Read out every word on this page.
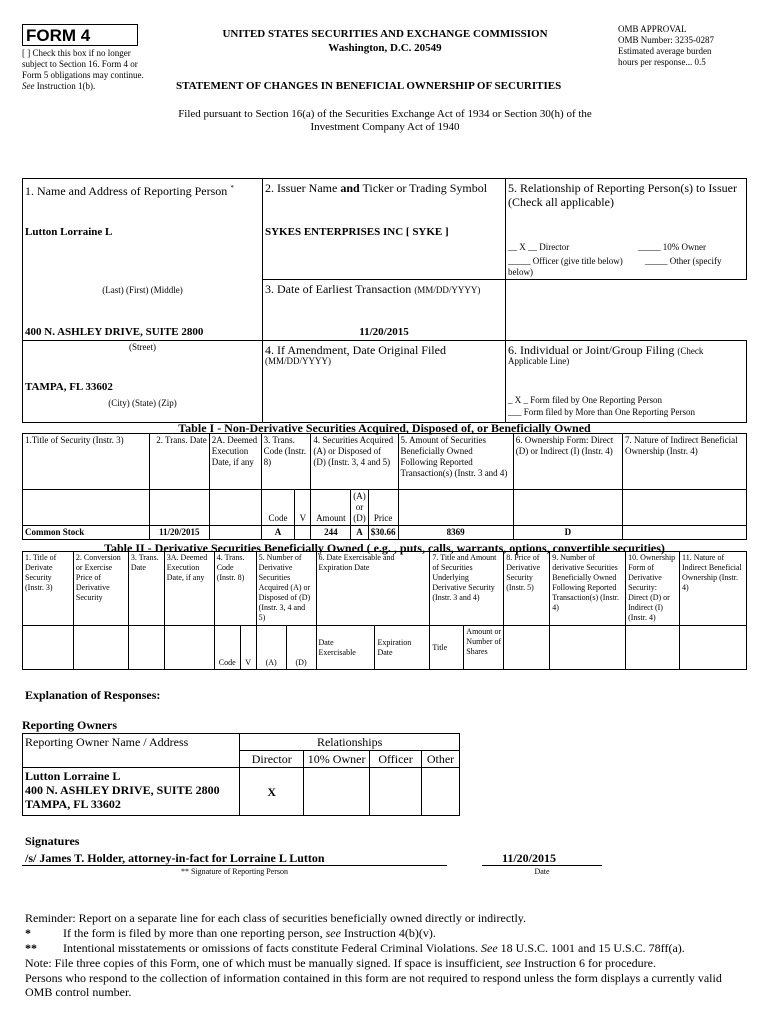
FORM 4
[ ] Check this box if no longer subject to Section 16. Form 4 or Form 5 obligations may continue. See Instruction 1(b).
UNITED STATES SECURITIES AND EXCHANGE COMMISSION
Washington, D.C. 20549
OMB APPROVAL
OMB Number: 3235-0287
Estimated average burden
hours per response... 0.5
STATEMENT OF CHANGES IN BENEFICIAL OWNERSHIP OF SECURITIES
Filed pursuant to Section 16(a) of the Securities Exchange Act of 1934 or Section 30(h) of the
Investment Company Act of 1940
1. Name and Address of Reporting Person *
Lutton Lorraine L
(Last) (First) (Middle)
400 N. ASHLEY DRIVE, SUITE 2800
(Street)
TAMPA, FL 33602
(City) (State) (Zip)
2. Issuer Name and Ticker or Trading Symbol
SYKES ENTERPRISES INC [ SYKE ]
3. Date of Earliest Transaction (MM/DD/YYYY)
11/20/2015
4. If Amendment, Date Original Filed
(MM/DD/YYYY)
5. Relationship of Reporting Person(s) to Issuer
(Check all applicable)
__ X __ Director	_____ 10% Owner
_____ Officer (give title below) _____ Other (specify
below)
6. Individual or Joint/Group Filing (Check
Applicable Line)
_ X _ Form filed by One Reporting Person
___ Form filed by More than One Reporting Person
Table I - Non-Derivative Securities Acquired, Disposed of, or Beneficially Owned
1.Title of Security (Instr. 3)	2. Trans. Date	2A. Deemed Execution Date, if any	3. Trans. Code (Instr. 8)		4. Securities Acquired (A) or Disposed of (D) (Instr. 3, 4 and 5)			5. Amount of Securities Beneficially Owned Following Reported Transaction(s) (Instr. 3 and 4)	6. Ownership Form: Direct (D) or Indirect (I) (Instr. 4)	7. Nature of Indirect Beneficial Ownership (Instr. 4)
			Code	V	Amount	(A) or (D)	Price			
Common Stock	11/20/2015		A		244	A	$30.66	8369	D	
Table II - Derivative Securities Beneficially Owned ( e.g. , puts, calls, warrants, options, convertible securities)
1. Title of Derivate Security (Instr. 3)	2. Conversion or Exercise Price of Derivative Security	3. Trans. Date	3A. Deemed Execution Date, if any	4. Trans. Code (Instr. 8)		5. Number of Derivative Securities Acquired (A) or Disposed of (D) (Instr. 3, 4 and 5)		6. Date Exercisable and Expiration Date		7. Title and Amount of Securities Underlying Derivative Security (Instr. 3 and 4)		8. Price of Derivative Security (Instr. 5)	9. Number of derivative Securities Beneficially Owned Following Reported Transaction(s) (Instr. 4)	10. Ownership Form of Derivative Security: Direct (D) or Indirect (I) (Instr. 4)	11. Nature of Indirect Beneficial Ownership (Instr. 4)
				Code	V	(A)	(D)	Date Exercisable	Expiration Date	Title	Amount or Number of Shares				
Explanation of Responses:
Reporting Owners
Reporting Owner Name / Address	Relationships			
	Director	10% Owner	Officer	Other

Lutton Lorraine L
400 N. ASHLEY DRIVE, SUITE 2800
TAMPA, FL 33602	X			
Signatures
/s/ James T. Holder, attorney-in-fact for Lorraine L Lutton	11/20/2015
** Signature of Reporting Person	Date
Reminder: Report on a separate line for each class of securities beneficially owned directly or indirectly.
*	If the form is filed by more than one reporting person, see Instruction 4(b)(v).
** Intentional misstatements or omissions of facts constitute Federal Criminal Violations. See 18 U.S.C. 1001 and 15 U.S.C. 78ff(a).
Note: File three copies of this Form, one of which must be manually signed. If space is insufficient, see Instruction 6 for procedure.
Persons who respond to the collection of information contained in this form are not required to respond unless the form displays a currently valid OMB control number.
